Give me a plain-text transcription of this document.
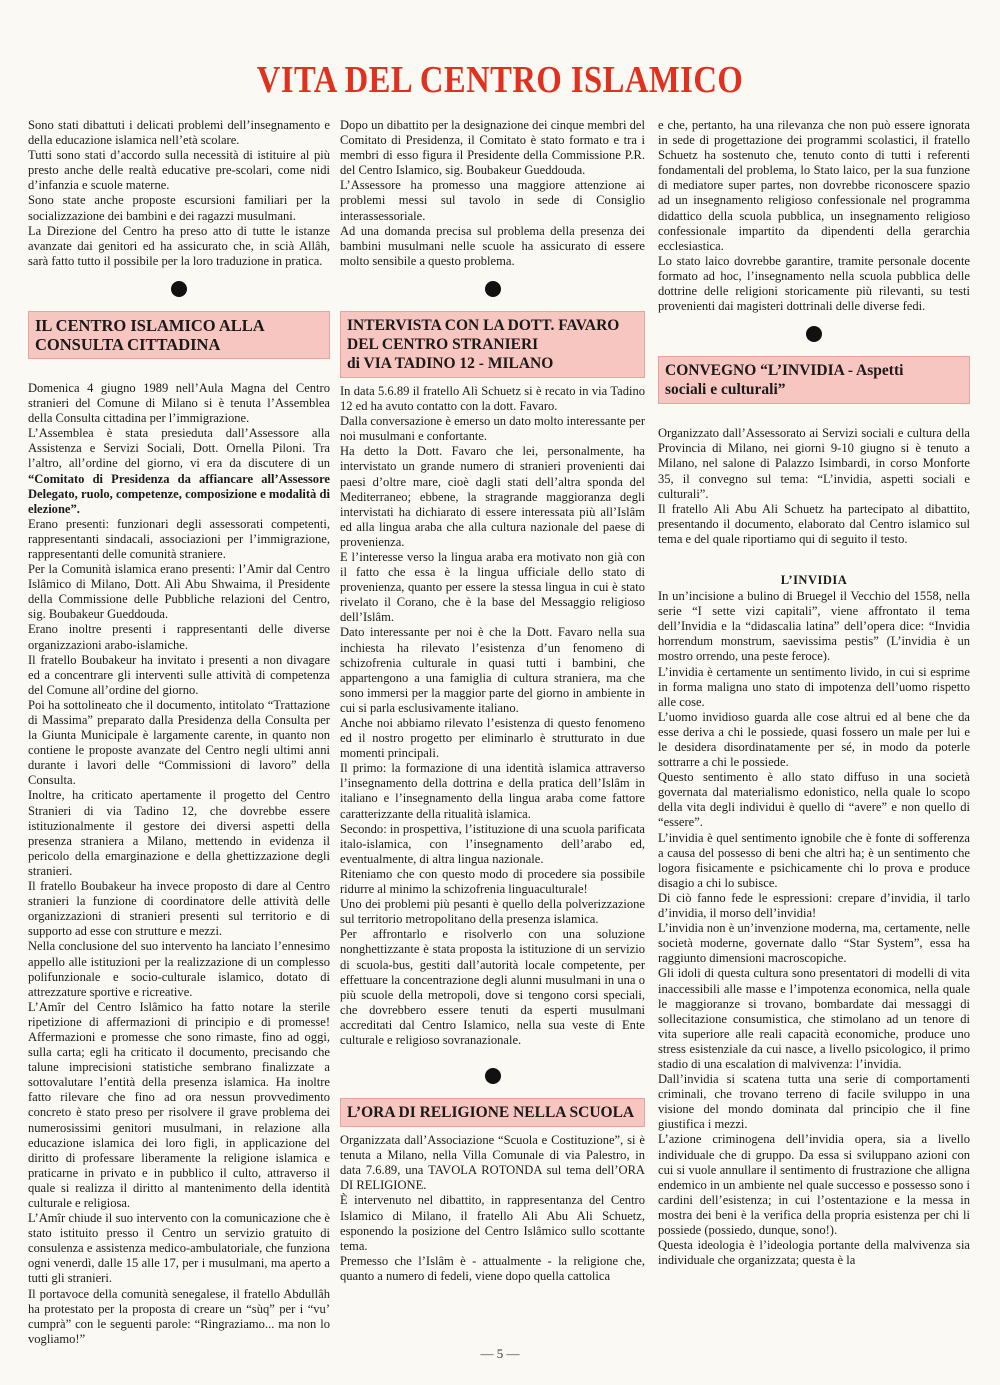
VITA DEL CENTRO ISLAMICO

Sono stati dibattuti i delicati problemi dell’insegnamento e della educazione islamica nell’età scolare.

Tutti sono stati d’accordo sulla necessità di istituire al più presto anche delle realtà educative pre-scolari, come nidi d’infanzia e scuole materne.

Sono state anche proposte escursioni familiari per la socializzazione dei bambini e dei ragazzi musulmani.

La Direzione del Centro ha preso atto di tutte le istanze avanzate dai genitori ed ha assicurato che, in scià Allâh, sarà fatto tutto il possibile per la loro traduzione in pratica.

IL CENTRO ISLAMICO ALLA
CONSULTA CITTADINA

Domenica 4 giugno 1989 nell’Aula Magna del Centro stranieri del Comune di Milano si è tenuta l’Assemblea della Consulta cittadina per l’immigrazione.

L’Assemblea è stata presieduta dall’Assessore alla Assistenza e Servizi Sociali, Dott. Ornella Piloni. Tra l’altro, all’ordine del giorno, vi era da discutere di un “Comitato di Presidenza da affiancare all’Assessore Delegato, ruolo, competenze, composizione e modalità di elezione”.

Erano presenti: funzionari degli assessorati competenti, rappresentanti sindacali, associazioni per l’immigrazione, rappresentanti delle comunità straniere.

Per la Comunità islamica erano presenti: l’Amir dal Centro Islâmico di Milano, Dott. Alì Abu Shwaima, il Presidente della Commissione delle Pubbliche relazioni del Centro, sig. Boubakeur Gueddouda.

Erano inoltre presenti i rappresentanti delle diverse organizzazioni arabo-islamiche.

Il fratello Boubakeur ha invitato i presenti a non divagare ed a concentrare gli interventi sulle attività di competenza del Comune all’ordine del giorno.

Poi ha sottolineato che il documento, intitolato “Trattazione di Massima” preparato dalla Presidenza della Consulta per la Giunta Municipale è largamente carente, in quanto non contiene le proposte avanzate del Centro negli ultimi anni durante i lavori delle “Commissioni di lavoro” della Consulta.

Inoltre, ha criticato apertamente il progetto del Centro Stranieri di via Tadino 12, che dovrebbe essere istituzionalmente il gestore dei diversi aspetti della presenza straniera a Milano, mettendo in evidenza il pericolo della emarginazione e della ghettizzazione degli stranieri.

Il fratello Boubakeur ha invece proposto di dare al Centro stranieri la funzione di coordinatore delle attività delle organizzazioni di stranieri presenti sul territorio e di supporto ad esse con strutture e mezzi.

Nella conclusione del suo intervento ha lanciato l’ennesimo appello alle istituzioni per la realizzazione di un complesso polifunzionale e socio-culturale islamico, dotato di attrezzature sportive e ricreative.

L’Amîr del Centro Islâmico ha fatto notare la sterile ripetizione di affermazioni di principio e di promesse! Affermazioni e promesse che sono rimaste, fino ad oggi, sulla carta; egli ha criticato il documento, precisando che talune imprecisioni statistiche sembrano finalizzate a sottovalutare l’entità della presenza islamica. Ha inoltre fatto rilevare che fino ad ora nessun provvedimento concreto è stato preso per risolvere il grave problema dei numerosissimi genitori musulmani, in relazione alla educazione islamica dei loro figli, in applicazione del diritto di professare liberamente la religione islamica e praticarne in privato e in pubblico il culto, attraverso il quale si realizza il diritto al mantenimento della identità culturale e religiosa.

L’Amîr chiude il suo intervento con la comunicazione che è stato istituito presso il Centro un servizio gratuito di consulenza e assistenza medico-ambulatoriale, che funziona ogni venerdì, dalle 15 alle 17, per i musulmani, ma aperto a tutti gli stranieri.

Il portavoce della comunità senegalese, il fratello Abdullâh ha protestato per la proposta di creare un “sùq” per i “vu’ cumprà” con le seguenti parole: “Ringraziamo... ma non lo vogliamo!”

Dopo un dibattito per la designazione dei cinque membri del Comitato di Presidenza, il Comitato è stato formato e tra i membri di esso figura il Presidente della Commissione P.R. del Centro Islamico, sig. Boubakeur Gueddouda.

L’Assessore ha promesso una maggiore attenzione ai problemi messi sul tavolo in sede di Consiglio interassessoriale.

Ad una domanda precisa sul problema della presenza dei bambini musulmani nelle scuole ha assicurato di essere molto sensibile a questo problema.

INTERVISTA CON LA DOTT. FAVARO
DEL CENTRO STRANIERI
di VIA TADINO 12 - MILANO

In data 5.6.89 il fratello Alì Schuetz si è recato in via Tadino 12 ed ha avuto contatto con la dott. Favaro.

Dalla conversazione è emerso un dato molto interessante per noi musulmani e confortante.

Ha detto la Dott. Favaro che lei, personalmente, ha intervistato un grande numero di stranieri provenienti dai paesi d’oltre mare, cioè dagli stati dell’altra sponda del Mediterraneo; ebbene, la stragrande maggioranza degli intervistati ha dichiarato di essere interessata più all’Islâm ed alla lingua araba che alla cultura nazionale del paese di provenienza.

E l’interesse verso la lingua araba era motivato non già con il fatto che essa è la lingua ufficiale dello stato di provenienza, quanto per essere la stessa lingua in cui è stato rivelato il Corano, che è la base del Messaggio religioso dell’Islâm.

Dato interessante per noi è che la Dott. Favaro nella sua inchiesta ha rilevato l’esistenza d’un fenomeno di schizofrenia culturale in quasi tutti i bambini, che appartengono a una famiglia di cultura straniera, ma che sono immersi per la maggior parte del giorno in ambiente in cui si parla esclusivamente italiano.

Anche noi abbiamo rilevato l’esistenza di questo fenomeno ed il nostro progetto per eliminarlo è strutturato in due momenti principali.

Il primo: la formazione di una identità islamica attraverso l’insegnamento della dottrina e della pratica dell’Islâm in italiano e l’insegnamento della lingua araba come fattore caratterizzante della ritualità islamica.

Secondo: in prospettiva, l’istituzione di una scuola parificata italo-islamica, con l’insegnamento dell’arabo ed, eventualmente, di altra lingua nazionale.

Riteniamo che con questo modo di procedere sia possibile ridurre al minimo la schizofrenia linguaculturale!

Uno dei problemi più pesanti è quello della polverizzazione sul territorio metropolitano della presenza islamica.

Per affrontarlo e risolverlo con una soluzione nonghettizzante è stata proposta la istituzione di un servizio di scuola-bus, gestiti dall’autorità locale competente, per effettuare la concentrazione degli alunni musulmani in una o più scuole della metropoli, dove si tengono corsi speciali, che dovrebbero essere tenuti da esperti musulmani accreditati dal Centro Islamico, nella sua veste di Ente culturale e religioso sovranazionale.

L’ORA DI RELIGIONE NELLA SCUOLA

Organizzata dall’Associazione “Scuola e Costituzione”, si è tenuta a Milano, nella Villa Comunale di via Palestro, in data 7.6.89, una TAVOLA ROTONDA sul tema dell’ORA DI RELIGIONE.

È intervenuto nel dibattito, in rappresentanza del Centro Islamico di Milano, il fratello Ali Abu Ali Schuetz, esponendo la posizione del Centro Islâmico sullo scottante tema.

Premesso che l’Islâm è - attualmente - la religione che, quanto a numero di fedeli, viene dopo quella cattolica

e che, pertanto, ha una rilevanza che non può essere ignorata in sede di progettazione dei programmi scolastici, il fratello Schuetz ha sostenuto che, tenuto conto di tutti i referenti fondamentali del problema, lo Stato laico, per la sua funzione di mediatore super partes, non dovrebbe riconoscere spazio ad un insegnamento religioso confessionale nel programma didattico della scuola pubblica, un insegnamento religioso confessionale impartito da dipendenti della gerarchia ecclesiastica.

Lo stato laico dovrebbe garantire, tramite personale docente formato ad hoc, l’insegnamento nella scuola pubblica delle dottrine delle religioni storicamente più rilevanti, su testi provenienti dai magisteri dottrinali delle diverse fedi.

CONVEGNO “L’INVIDIA - Aspetti
sociali e culturali”

Organizzato dall’Assessorato ai Servizi sociali e cultura della Provincia di Milano, nei giorni 9-10 giugno si è tenuto a Milano, nel salone di Palazzo Isimbardi, in corso Monforte 35, il convegno sul tema: “L’invidia, aspetti sociali e culturali”.

Il fratello Ali Abu Ali Schuetz ha partecipato al dibattito, presentando il documento, elaborato dal Centro islamico sul tema e del quale riportiamo qui di seguito il testo.

L’INVIDIA

In un’incisione a bulino di Bruegel il Vecchio del 1558, nella serie “I sette vizi capitali”, viene affrontato il tema dell’Invidia e la “didascalia latina” dell’opera dice: “Invidia horrendum monstrum, saevissima pestis” (L’invidia è un mostro orrendo, una peste feroce).

L’invidia è certamente un sentimento livido, in cui si esprime in forma maligna uno stato di impotenza dell’uomo rispetto alle cose.

L’uomo invidioso guarda alle cose altrui ed al bene che da esse deriva a chi le possiede, quasi fossero un male per lui e le desidera disordinatamente per sé, in modo da poterle sottrarre a chi le possiede.

Questo sentimento è allo stato diffuso in una società governata dal materialismo edonistico, nella quale lo scopo della vita degli individui è quello di “avere” e non quello di “essere”.

L’invidia è quel sentimento ignobile che è fonte di sofferenza a causa del possesso di beni che altri ha; è un sentimento che logora fisicamente e psichicamente chi lo prova e produce disagio a chi lo subisce.

Di ciò fanno fede le espressioni: crepare d’invidia, il tarlo d’invidia, il morso dell’invidia!

L’invidia non è un’invenzione moderna, ma, certamente, nelle società moderne, governate dallo “Star System”, essa ha raggiunto dimensioni macroscopiche.

Gli idoli di questa cultura sono presentatori di modelli di vita inaccessibili alle masse e l’impotenza economica, nella quale le maggioranze si trovano, bombardate dai messaggi di sollecitazione consumistica, che stimolano ad un tenore di vita superiore alle reali capacità economiche, produce uno stress esistenziale da cui nasce, a livello psicologico, il primo stadio di una escalation di malvivenza: l’invidia.

Dall’invidia si scatena tutta una serie di comportamenti criminali, che trovano terreno di facile sviluppo in una visione del mondo dominata dal principio che il fine giustifica i mezzi.

L’azione criminogena dell’invidia opera, sia a livello individuale che di gruppo. Da essa si sviluppano azioni con cui si vuole annullare il sentimento di frustrazione che alligna endemico in un ambiente nel quale successo e possesso sono i cardini dell’esistenza; in cui l’ostentazione e la messa in mostra dei beni è la verifica della propria esistenza per chi li possiede (possiedo, dunque, sono!).

Questa ideologia è l’ideologia portante della malvivenza sia individuale che organizzata; questa è la

— 5 —
